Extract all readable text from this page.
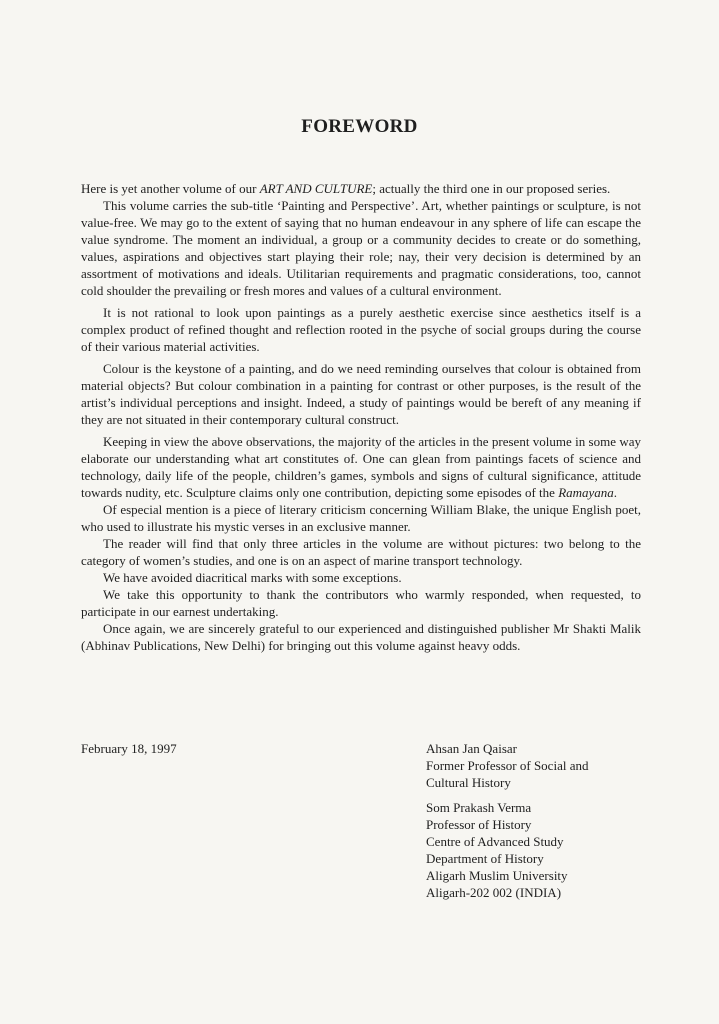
FOREWORD

Here is yet another volume of our ART AND CULTURE; actually the third one in our proposed series.

This volume carries the sub-title ‘Painting and Perspective’. Art, whether paintings or sculpture, is not value-free. We may go to the extent of saying that no human endeavour in any sphere of life can escape the value syndrome. The moment an individual, a group or a community decides to create or do something, values, aspirations and objectives start playing their role; nay, their very decision is determined by an assortment of motivations and ideals. Utilitarian requirements and pragmatic considerations, too, cannot cold shoulder the prevailing or fresh mores and values of a cultural environment.

It is not rational to look upon paintings as a purely aesthetic exercise since aesthetics itself is a complex product of refined thought and reflection rooted in the psyche of social groups during the course of their various material activities.

Colour is the keystone of a painting, and do we need reminding ourselves that colour is obtained from material objects? But colour combination in a painting for contrast or other purposes, is the result of the artist’s individual perceptions and insight. Indeed, a study of paintings would be bereft of any meaning if they are not situated in their contemporary cultural construct.

Keeping in view the above observations, the majority of the articles in the present volume in some way elaborate our understanding what art constitutes of. One can glean from paintings facets of science and technology, daily life of the people, children’s games, symbols and signs of cultural significance, attitude towards nudity, etc. Sculpture claims only one contribution, depicting some episodes of the Ramayana.

Of especial mention is a piece of literary criticism concerning William Blake, the unique English poet, who used to illustrate his mystic verses in an exclusive manner.

The reader will find that only three articles in the volume are without pictures: two belong to the category of women’s studies, and one is on an aspect of marine transport technology.

We have avoided diacritical marks with some exceptions.

We take this opportunity to thank the contributors who warmly responded, when requested, to participate in our earnest undertaking.

Once again, we are sincerely grateful to our experienced and distinguished publisher Mr Shakti Malik (Abhinav Publications, New Delhi) for bringing out this volume against heavy odds.

February 18, 1997	Ahsan Jan Qaisar
Former Professor of Social and
Cultural History
Som Prakash Verma
Professor of History
Centre of Advanced Study
Department of History
Aligarh Muslim University
Aligarh-202 002 (INDIA)
